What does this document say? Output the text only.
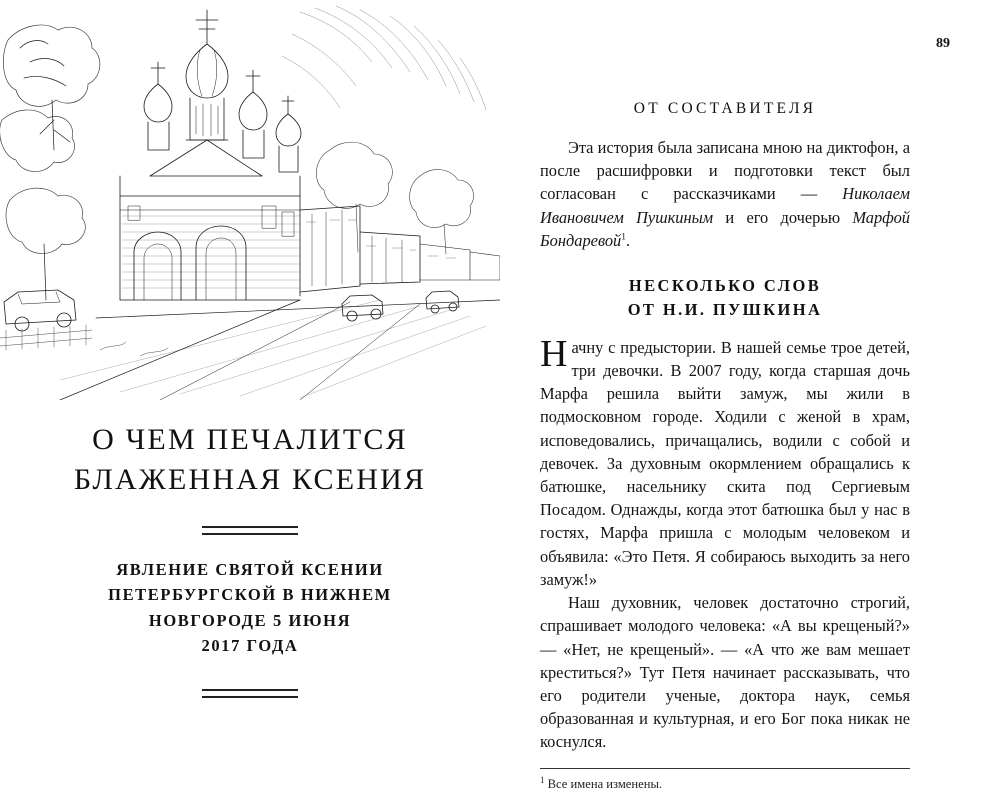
О ЧЕМ ПЕЧАЛИТСЯ
БЛАЖЕННАЯ КСЕНИЯ
ЯВЛЕНИЕ СВЯТОЙ КСЕНИИ
ПЕТЕРБУРГСКОЙ В НИЖНЕМ
НОВГОРОДЕ 5 ИЮНЯ
2017 ГОДА
89
ОТ СОСТАВИТЕЛЯ

Эта история была записана мною на диктофон, а после расшифровки и подготовки текст был согласован с рассказчиками — Николаем Ивановичем Пушкиным и его дочерью Марфой Бондаревой$^1$.

НЕСКОЛЬКО СЛОВ
ОТ Н.И. ПУШКИНА

Начну с предыстории. В нашей семье трое детей, три девочки. В 2007 году, когда старшая дочь Марфа решила выйти замуж, мы жили в подмосковном городе. Ходили с женой в храм, исповедовались, причащались, водили с собой и девочек. За духовным окормлением обращались к батюшке, насельнику скита под Сергиевым Посадом. Однажды, когда этот батюшка был у нас в гостях, Марфа пришла с молодым человеком и объявила: «Это Петя. Я собираюсь выходить за него замуж!»

Наш духовник, человек достаточно строгий, спрашивает молодого человека: «А вы крещеный?» — «Нет, не крещеный». — «А что же вам мешает креститься?» Тут Петя начинает рассказывать, что его родители ученые, доктора наук, семья образованная и культурная, и его Бог пока никак не коснулся.

$^1$ Все имена изменены.
